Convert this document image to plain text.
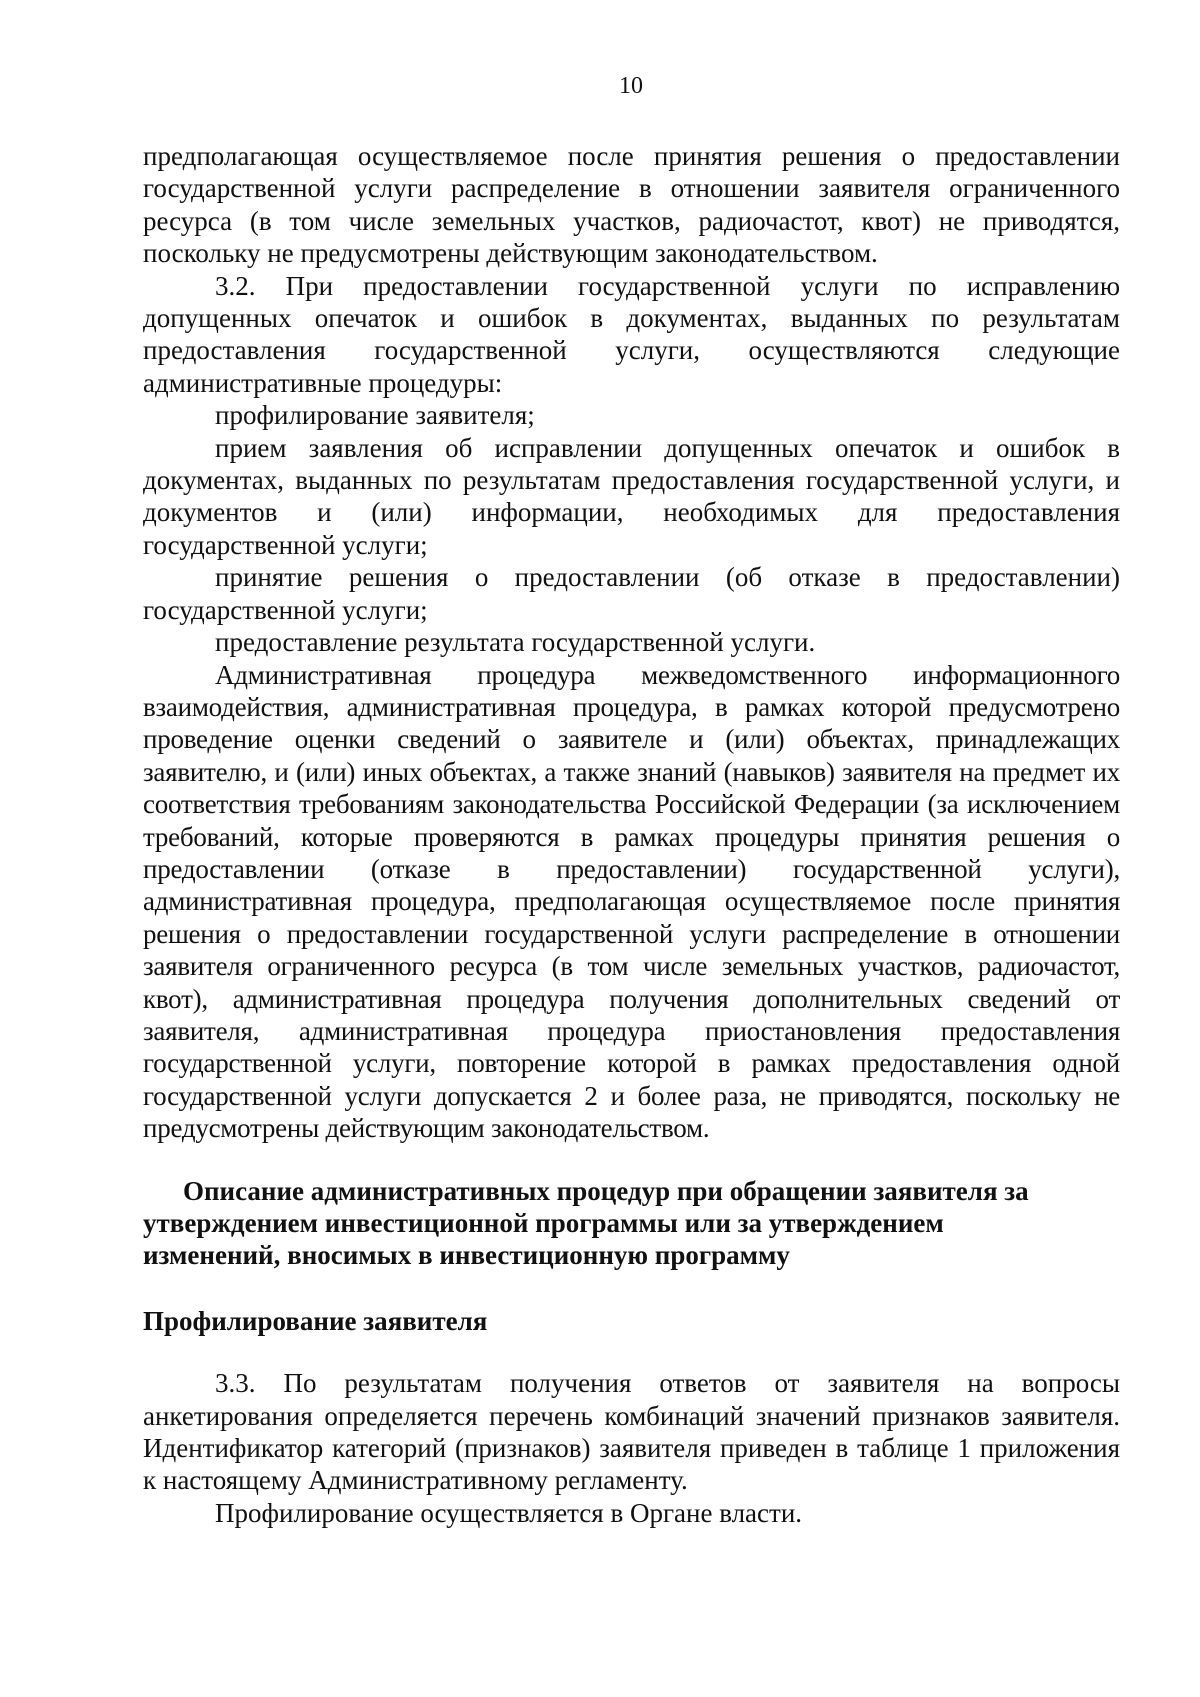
10

предполагающая осуществляемое после принятия решения о предоставлении государственной услуги распределение в отношении заявителя ограниченного ресурса (в том числе земельных участков, радиочастот, квот) не приводятся, поскольку не предусмотрены действующим законодательством.

3.2. При предоставлении государственной услуги по исправлению допущенных опечаток и ошибок в документах, выданных по результатам предоставления государственной услуги, осуществляются следующие административные процедуры:

профилирование заявителя;

прием заявления об исправлении допущенных опечаток и ошибок в документах, выданных по результатам предоставления государственной услуги, и документов и (или) информации, необходимых для предоставления государственной услуги;

принятие решения о предоставлении (об отказе в предоставлении) государственной услуги;

предоставление результата государственной услуги.

Административная процедура межведомственного информационного взаимодействия, административная процедура, в рамках которой предусмотрено проведение оценки сведений о заявителе и (или) объектах, принадлежащих заявителю, и (или) иных объектах, а также знаний (навыков) заявителя на предмет их соответствия требованиям законодательства Российской Федерации (за исключением требований, которые проверяются в рамках процедуры принятия решения о предоставлении (отказе в предоставлении) государственной услуги), административная процедура, предполагающая осуществляемое после принятия решения о предоставлении государственной услуги распределение в отношении заявителя ограниченного ресурса (в том числе земельных участков, радиочастот, квот), административная процедура получения дополнительных сведений от заявителя, административная процедура приостановления предоставления государственной услуги, повторение которой в рамках предоставления одной государственной услуги допускается 2 и более раза, не приводятся, поскольку не предусмотрены действующим законодательством.

Описание административных процедур при обращении заявителя за

утверждением инвестиционной программы или за утверждением

изменений, вносимых в инвестиционную программу

Профилирование заявителя

3.3. По результатам получения ответов от заявителя на вопросы анкетирования определяется перечень комбинаций значений признаков заявителя. Идентификатор категорий (признаков) заявителя приведен в таблице 1 приложения к настоящему Административному регламенту.

Профилирование осуществляется в Органе власти.
